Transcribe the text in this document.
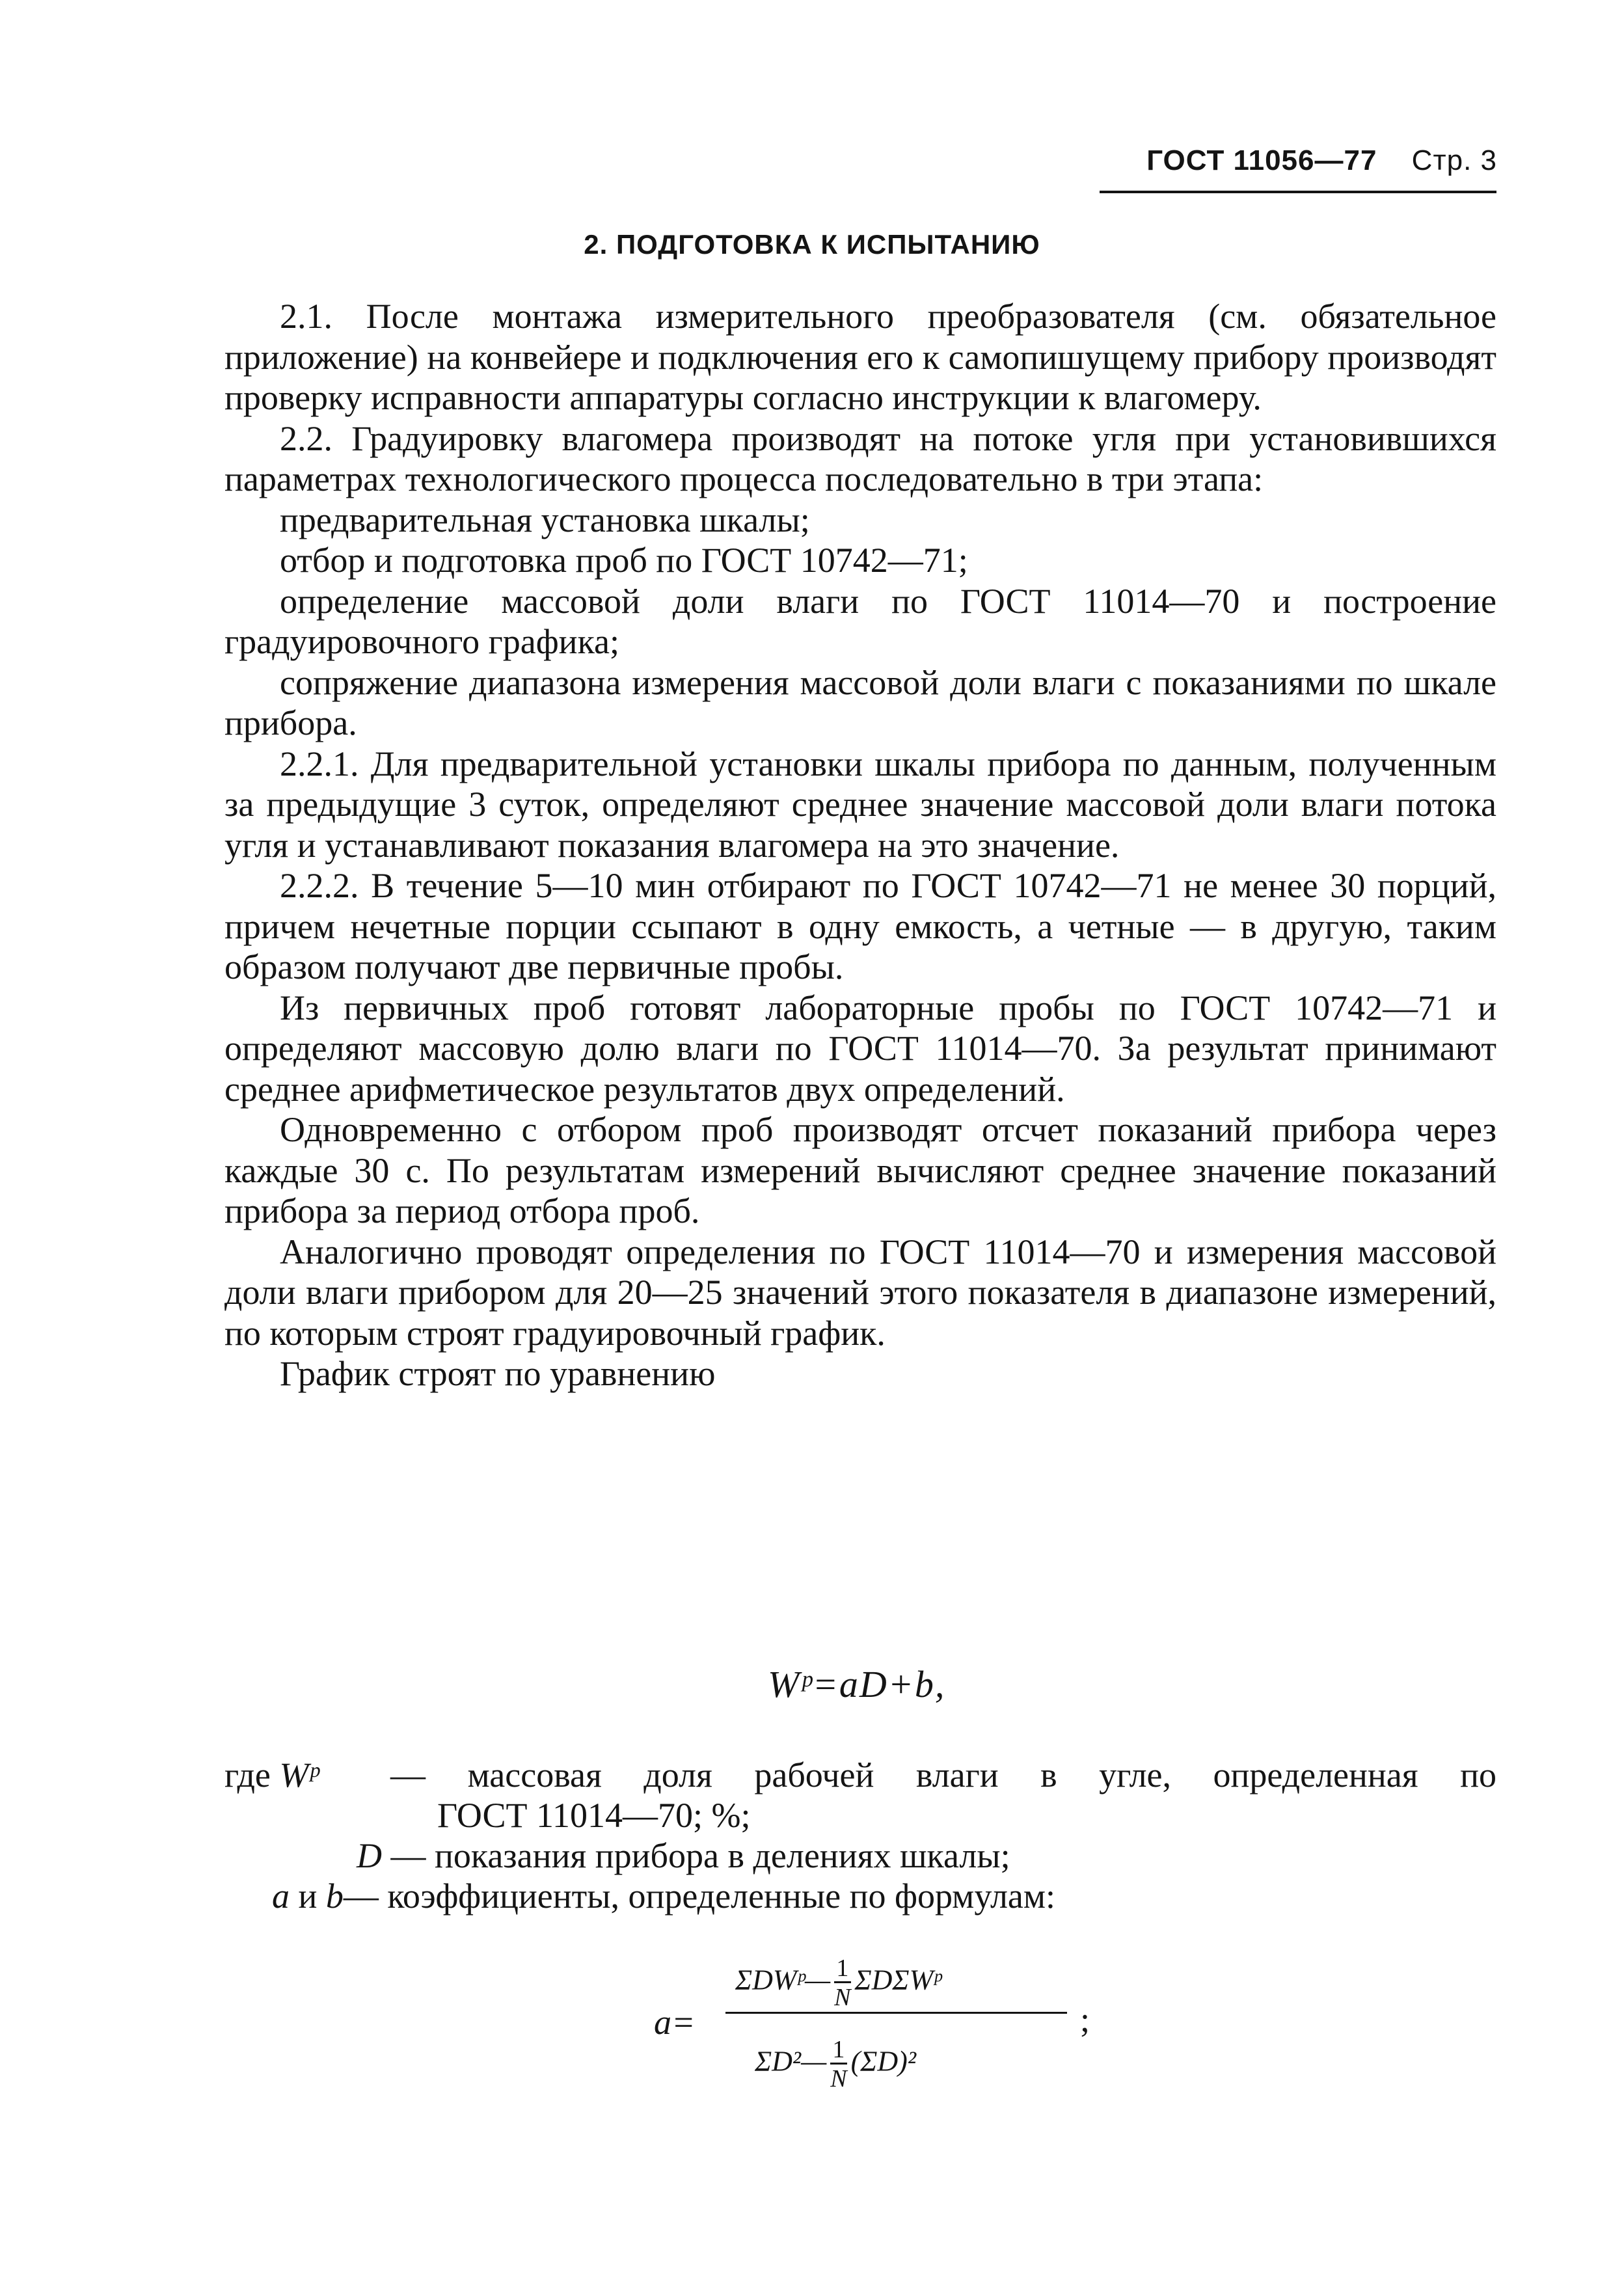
ГОСТ 11056—77 Стр. 3
2. ПОДГОТОВКА К ИСПЫТАНИЮ

2.1. После монтажа измерительного преобразователя (см. обязательное приложение) на конвейере и подключения его к самопишущему прибору производят проверку исправности аппаратуры согласно инструкции к влагомеру.

2.2. Градуировку влагомера производят на потоке угля при установившихся параметрах технологического процесса последовательно в три этапа:

предварительная установка шкалы;

отбор и подготовка проб по ГОСТ 10742—71;

определение массовой доли влаги по ГОСТ 11014—70 и построение градуировочного графика;

сопряжение диапазона измерения массовой доли влаги с показаниями по шкале прибора.

2.2.1. Для предварительной установки шкалы прибора по данным, полученным за предыдущие 3 суток, определяют среднее значение массовой доли влаги потока угля и устанавливают показания влагомера на это значение.

2.2.2. В течение 5—10 мин отбирают по ГОСТ 10742—71 не менее 30 порций, причем нечетные порции ссыпают в одну емкость, а четные — в другую, таким образом получают две первичные пробы.

Из первичных проб готовят лабораторные пробы по ГОСТ 10742—71 и определяют массовую долю влаги по ГОСТ 11014—70. За результат принимают среднее арифметическое результатов двух определений.

Одновременно с отбором проб производят отсчет показаний прибора через каждые 30 с. По результатам измерений вычисляют среднее значение показаний прибора за период отбора проб.

Аналогично проводят определения по ГОСТ 11014—70 и измерения массовой доли влаги прибором для 20—25 значений этого показателя в диапазоне измерений, по которым строят градуировочный график.

График строят по уравнению

Wᵖ=aD+b,
где Wᵖ — массовая доля рабочей влаги в угле, определенная по
ГОСТ 11014—70; %;
D — показания прибора в делениях шкалы;
a и b— коэффициенты, определенные по формулам:
a=
ΣDWᵖ— $\frac{1}{N}$ ΣDΣWᵖ
ΣD²— $\frac{1}{N} (\Sigma D)^2$
;
